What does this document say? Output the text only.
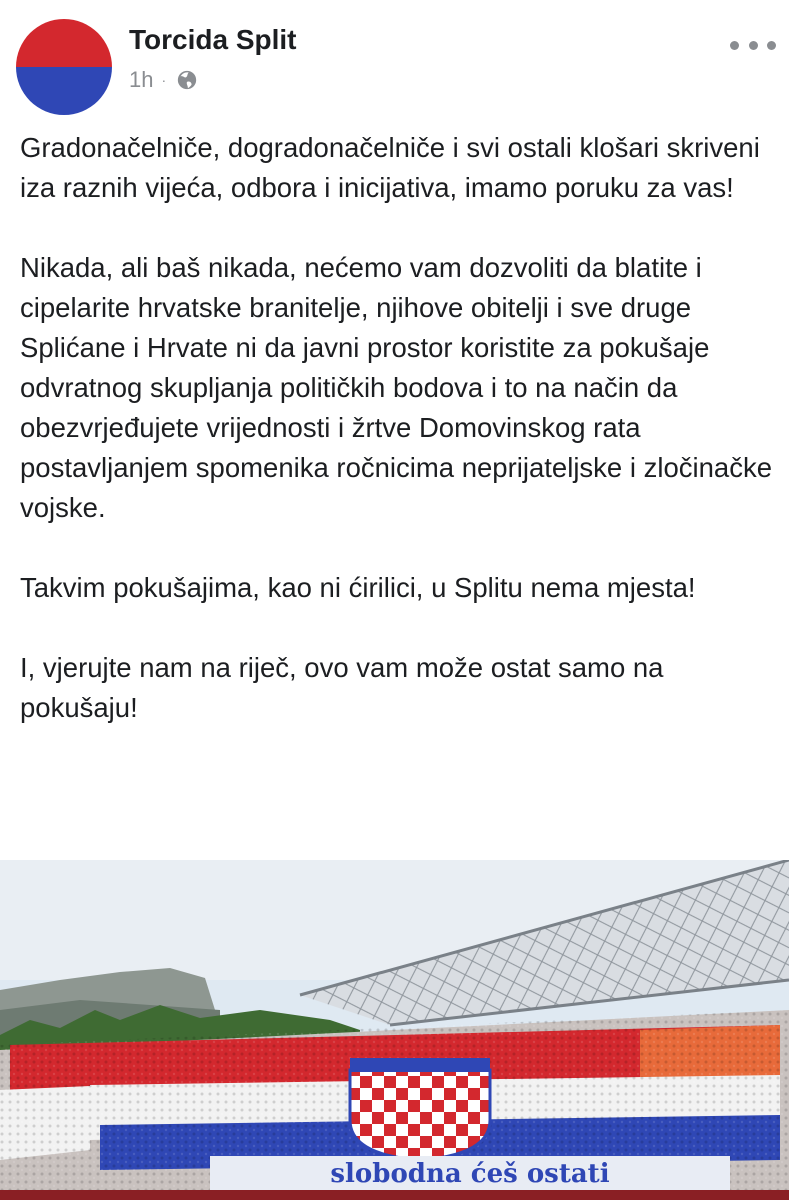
Torcida Split
1h ·

Gradonačelniče, dogradonačelniče i svi ostali klošari skriveni iza raznih vijeća, odbora i inicijativa, imamo poruku za vas!

Nikada, ali baš nikada, nećemo vam dozvoliti da blatite i cipelarite hrvatske branitelje, njihove obitelji i sve druge Splićane i Hrvate ni da javni prostor koristite za pokušaje odvratnog skupljanja političkih bodova i to na način da obezvrjeđujete vrijednosti i žrtve Domovinskog rata postavljanjem spomenika ročnicima neprijateljske i zločinačke vojske.

Takvim pokušajima, kao ni ćirilici, u Splitu nema mjesta!

I, vjerujte nam na riječ, ovo vam može ostat samo na pokušaju!

slobodna ćeš ostati
